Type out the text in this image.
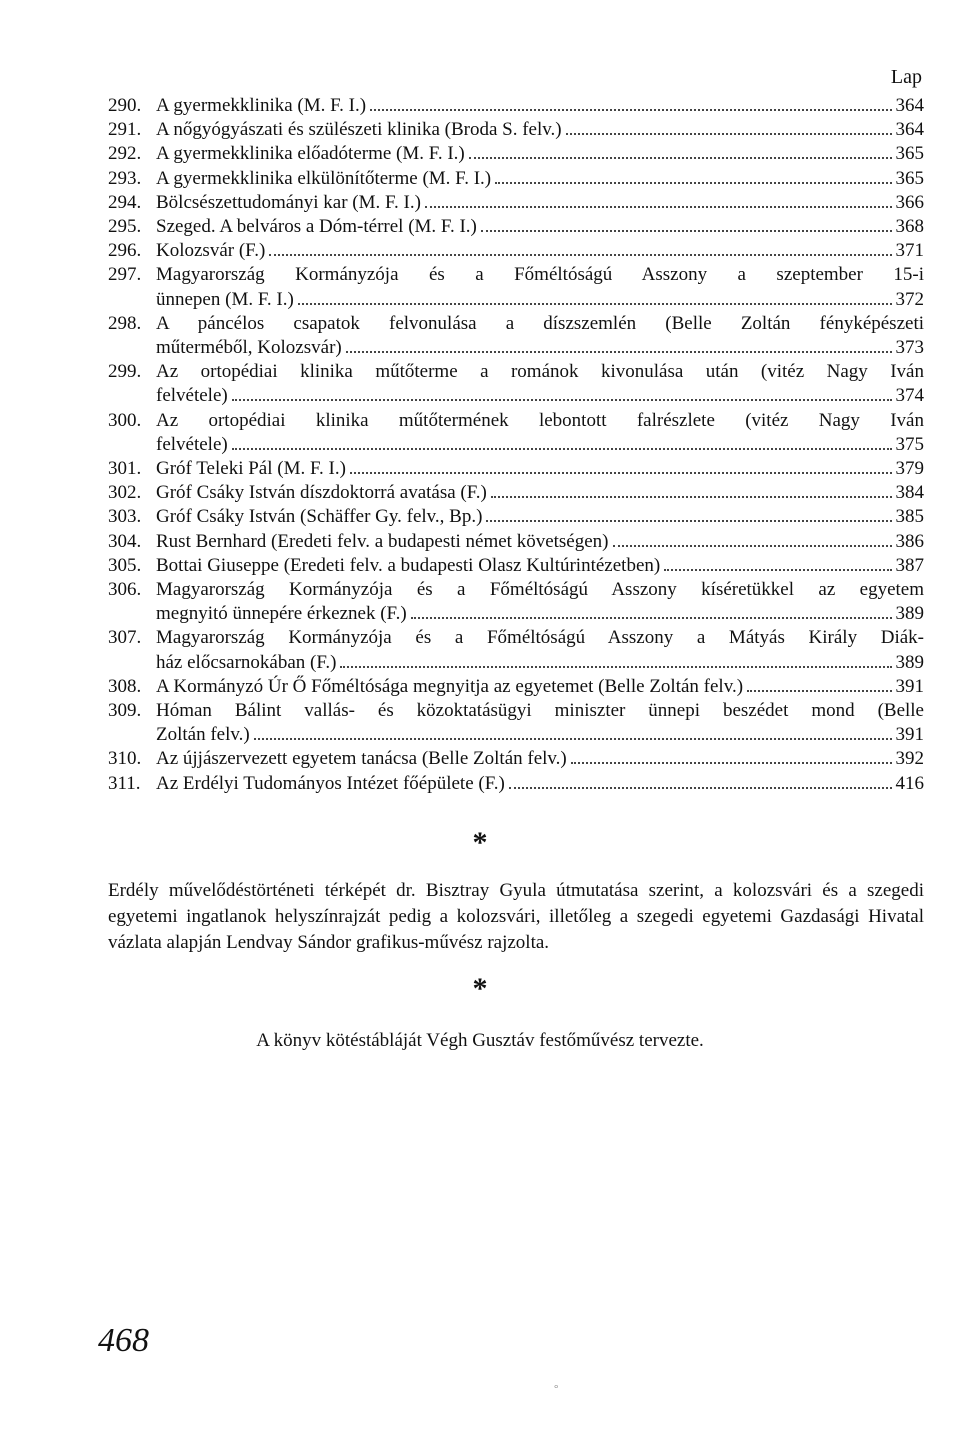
Lap
290. A gyermekklinika (M. F. I.)	364
291. A nőgyógyászati és szülészeti klinika (Broda S. felv.)	364
292. A gyermekklinika előadóterme (M. F. I.)	365
293. A gyermekklinika elkülönítőterme (M. F. I.)	365
294. Bölcsészettudományi kar (M. F. I.)	366
295. Szeged. A belváros a Dóm-térrel (M. F. I.)	368
296. Kolozsvár (F.)	371
297. Magyarország Kormányzója és a Főméltóságú Asszony a szeptember 15-i
ünnepen (M. F. I.)	372
298. A páncélos csapatok felvonulása a díszszemlén (Belle Zoltán fényképészeti
műterméből, Kolozsvár)	373
299. Az ortopédiai klinika műtőterme a románok kivonulása után (vitéz Nagy Iván
felvétele)	374
300. Az ortopédiai klinika műtőtermének lebontott falrészlete (vitéz Nagy Iván
felvétele)	375
301. Gróf Teleki Pál (M. F. I.)	379
302. Gróf Csáky István díszdoktorrá avatása (F.)	384
303. Gróf Csáky István (Schäffer Gy. felv., Bp.)	385
304. Rust Bernhard (Eredeti felv. a budapesti német követségen)	386
305. Bottai Giuseppe (Eredeti felv. a budapesti Olasz Kultúrintézetben)	387
306. Magyarország Kormányzója és a Főméltóságú Asszony kíséretükkel az egyetem
megnyitó ünnepére érkeznek (F.)	389
307. Magyarország Kormányzója és a Főméltóságú Asszony a Mátyás Király Diák-
ház előcsarnokában (F.)	389
308. A Kormányzó Úr Ő Főméltósága megnyitja az egyetemet (Belle Zoltán felv.)	391
309. Hóman Bálint vallás- és közoktatásügyi miniszter ünnepi beszédet mond (Belle
Zoltán felv.)	391
310. Az újjászervezett egyetem tanácsa (Belle Zoltán felv.)	392
311. Az Erdélyi Tudományos Intézet főépülete (F.)	416
*
Erdély művelődéstörténeti térképét dr. Bisztray Gyula útmutatása szerint, a kolozsvári és a szegedi egyetemi ingatlanok helyszínrajzát pedig a kolozsvári, illetőleg a szegedi egyetemi Gazdasági Hivatal vázlata alapján Lendvay Sándor grafikus-művész rajzolta.
*
A könyv kötéstábláját Végh Gusztáv festőművész tervezte.
468
°
